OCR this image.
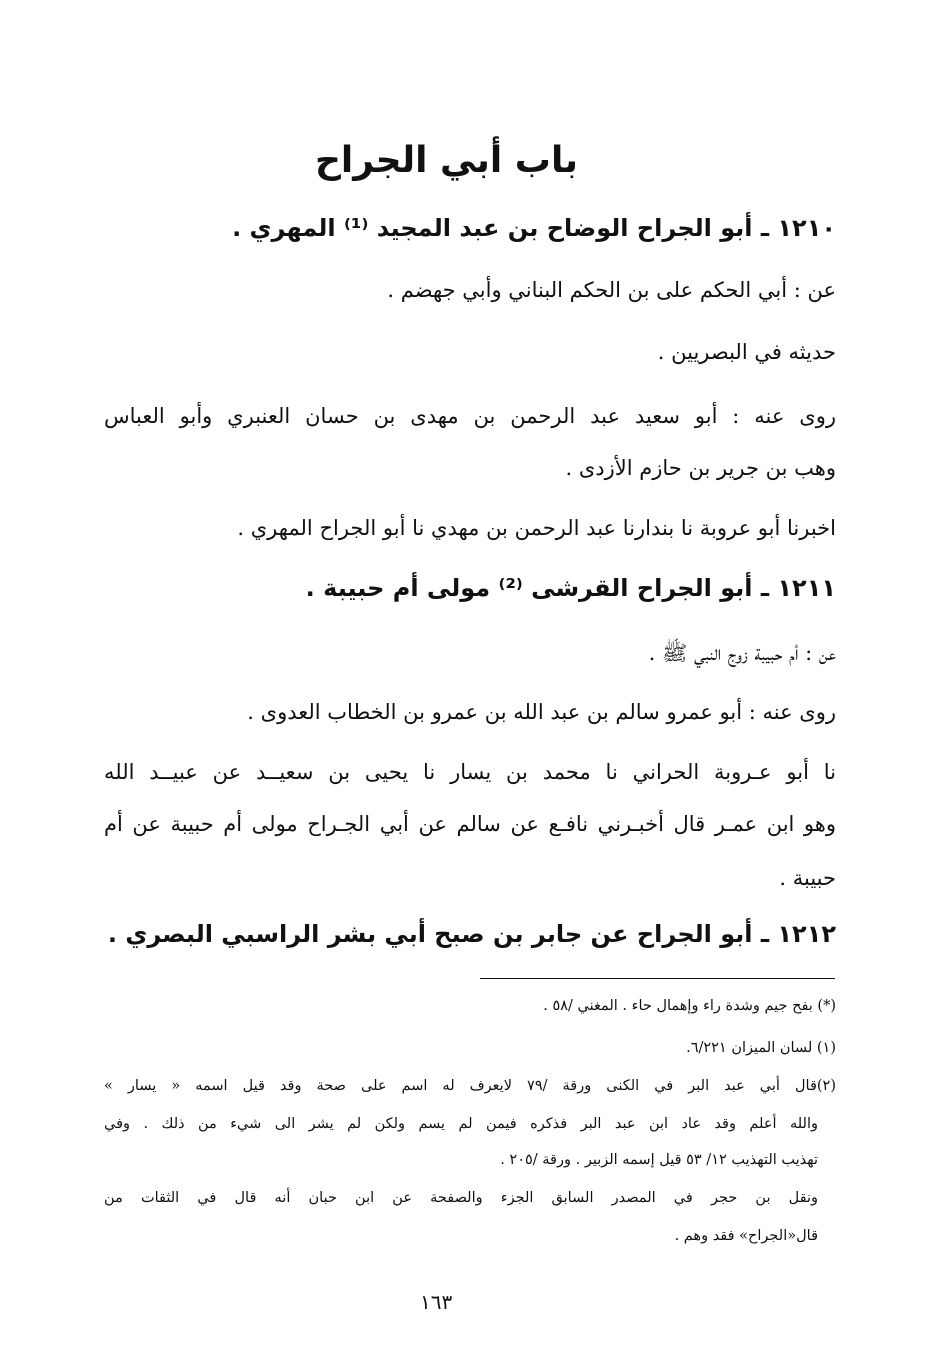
باب أبي الجراح
١٢١٠ ـ أبو الجراح الوضاح بن عبد المجيد ⁽¹⁾ المهري .
عن : أبي الحكم على بن الحكم البناني وأبي جهضم .
حديثه في البصريين .
روى عنه : أبو سعيد عبد الرحمن بن مهدى بن حسان العنبري وأبو العباس
وهب بن جرير بن حازم الأزدى .
اخبرنا أبو عروبة نا بندارنا عبد الرحمن بن مهدي نا أبو الجراح المهري .
١٢١١ ـ أبو الجراح القرشى ⁽²⁾ مولى أم حبيبة .
عن : أم حبيبة زوج النبي ﷺ .
روى عنه : أبو عمرو سالم بن عبد الله بن عمرو بن الخطاب العدوى .
نا أبو عـروبة الحراني نا محمد بن يسار نا يحيى بن سعيــد عن عبيــد الله
وهو ابن عمـر قال أخبـرني نافـع عن سالم عن أبي الجـراح مولى أم حبيبة عن أم
حبيبة .
١٢١٢ ـ أبو الجراح عن جابر بن صبح أبي بشر الراسبي البصري .
(*) بفح جيم وشدة راء وإهمال حاء . المغني /٥٨ .
(١) لسان الميزان ٦/٢٢١.
(٢)قال أبي عبد البر في الكنى ورقة /٧٩ لايعرف له اسم على صحة وقد قيل اسمه « يسار »
والله أعلم وقد عاد ابن عبد البر فذكره فيمن لم يسم ولكن لم يشر الى شيء من ذلك . وفي
تهذيب التهذيب ١٢/ ٥٣ قيل إسمه الزبير . ورقة /٢٠٥ .
ونقل بن حجر في المصدر السابق الجزء والصفحة عن ابن حبان أنه قال في الثقات من
قال«الجراح» فقد وهم .
١٦٣
